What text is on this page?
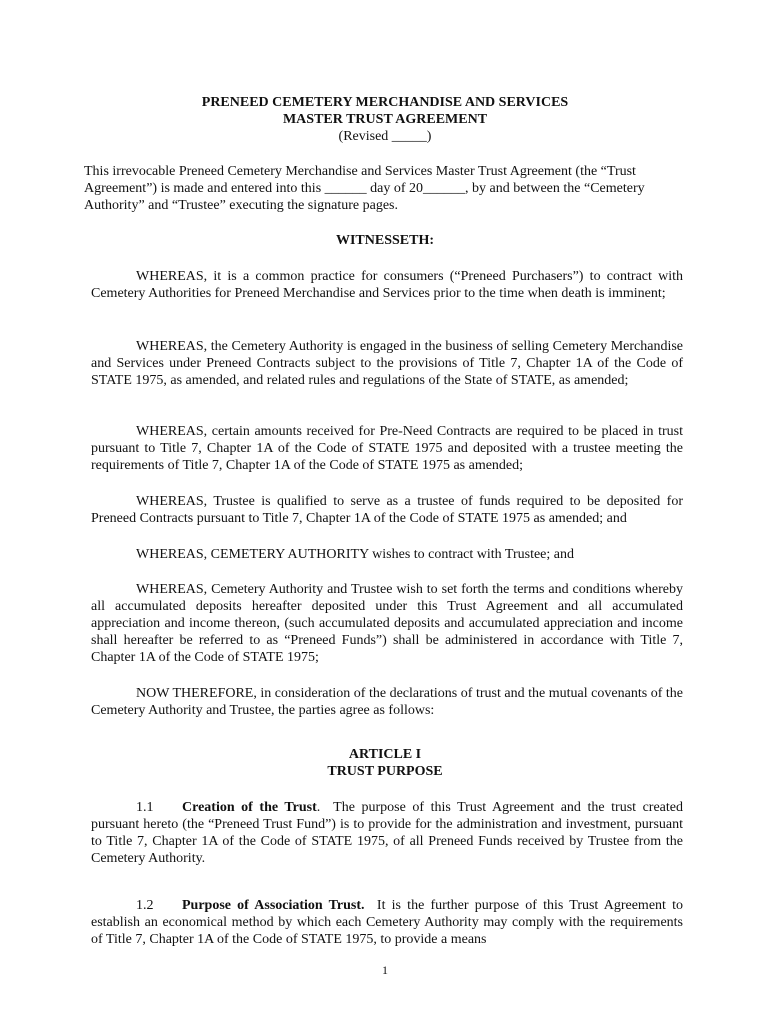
PRENEED CEMETERY MERCHANDISE AND SERVICES
MASTER TRUST AGREEMENT
(Revised _____)
This irrevocable Preneed Cemetery Merchandise and Services Master Trust Agreement (the “Trust Agreement”) is made and entered into this ______ day of 20______, by and between the “Cemetery Authority” and “Trustee” executing the signature pages.
WITNESSETH:
WHEREAS, it is a common practice for consumers (“Preneed Purchasers”) to contract with Cemetery Authorities for Preneed Merchandise and Services prior to the time when death is imminent;
WHEREAS, the Cemetery Authority is engaged in the business of selling Cemetery Merchandise and Services under Preneed Contracts subject to the provisions of Title 7, Chapter 1A of the Code of STATE 1975, as amended, and related rules and regulations of the State of STATE, as amended;
WHEREAS, certain amounts received for Pre-Need Contracts are required to be placed in trust pursuant to Title 7, Chapter 1A of the Code of STATE 1975 and deposited with a trustee meeting the requirements of Title 7, Chapter 1A of the Code of STATE 1975 as amended;
WHEREAS, Trustee is qualified to serve as a trustee of funds required to be deposited for Preneed Contracts pursuant to Title 7, Chapter 1A of the Code of STATE 1975 as amended; and
WHEREAS, CEMETERY AUTHORITY wishes to contract with Trustee; and
WHEREAS, Cemetery Authority and Trustee wish to set forth the terms and conditions whereby all accumulated deposits hereafter deposited under this Trust Agreement and all accumulated appreciation and income thereon, (such accumulated deposits and accumulated appreciation and income shall hereafter be referred to as “Preneed Funds”) shall be administered in accordance with Title 7, Chapter 1A of the Code of STATE 1975;
NOW THEREFORE, in consideration of the declarations of trust and the mutual covenants of the Cemetery Authority and Trustee, the parties agree as follows:
ARTICLE I
TRUST PURPOSE
1.1 Creation of the Trust. The purpose of this Trust Agreement and the trust created pursuant hereto (the “Preneed Trust Fund”) is to provide for the administration and investment, pursuant to Title 7, Chapter 1A of the Code of STATE 1975, of all Preneed Funds received by Trustee from the Cemetery Authority.
1.2 Purpose of Association Trust. It is the further purpose of this Trust Agreement to establish an economical method by which each Cemetery Authority may comply with the requirements of Title 7, Chapter 1A of the Code of STATE 1975, to provide a means
1
